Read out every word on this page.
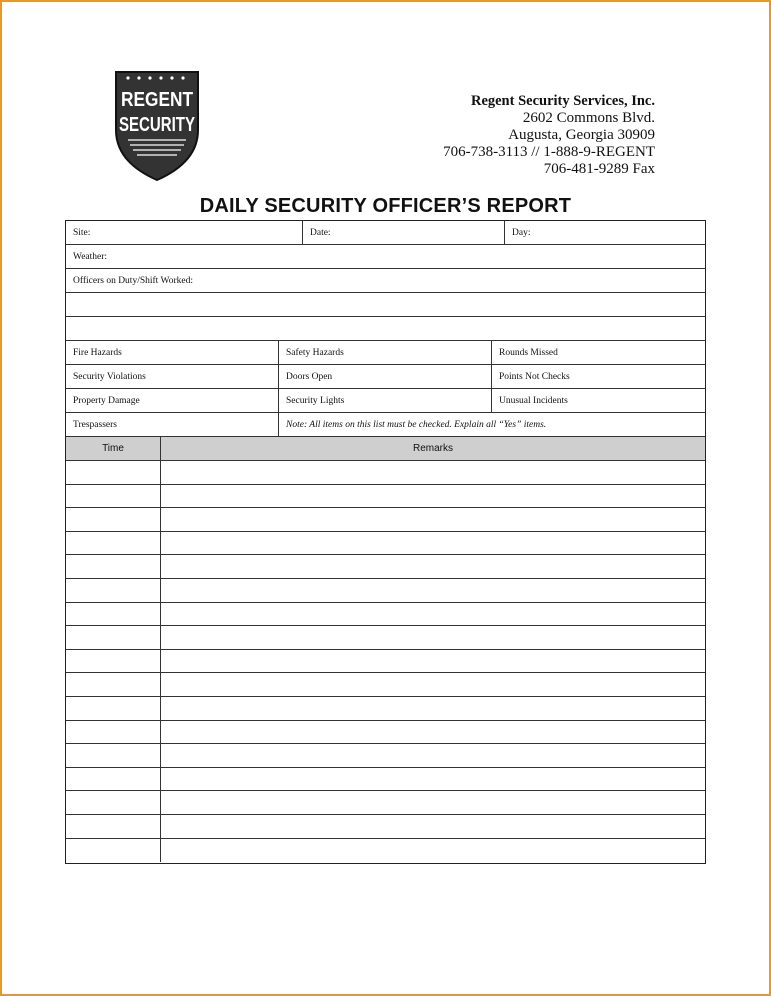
REGENT
SECURITY
Regent Security Services, Inc.
2602 Commons Blvd.
Augusta, Georgia 30909
706-738-3113 // 1-888-9-REGENT
706-481-9289 Fax
DAILY SECURITY OFFICER’S REPORT
Site:	Date:	Day:
Weather:
Officers on Duty/Shift Worked:
Fire Hazards	Safety Hazards	Rounds Missed
Security Violations	Doors Open	Points Not Checks
Property Damage	Security Lights	Unusual Incidents
Trespassers	Note: All items on this list must be checked. Explain all “Yes” items.
Time	Remarks
